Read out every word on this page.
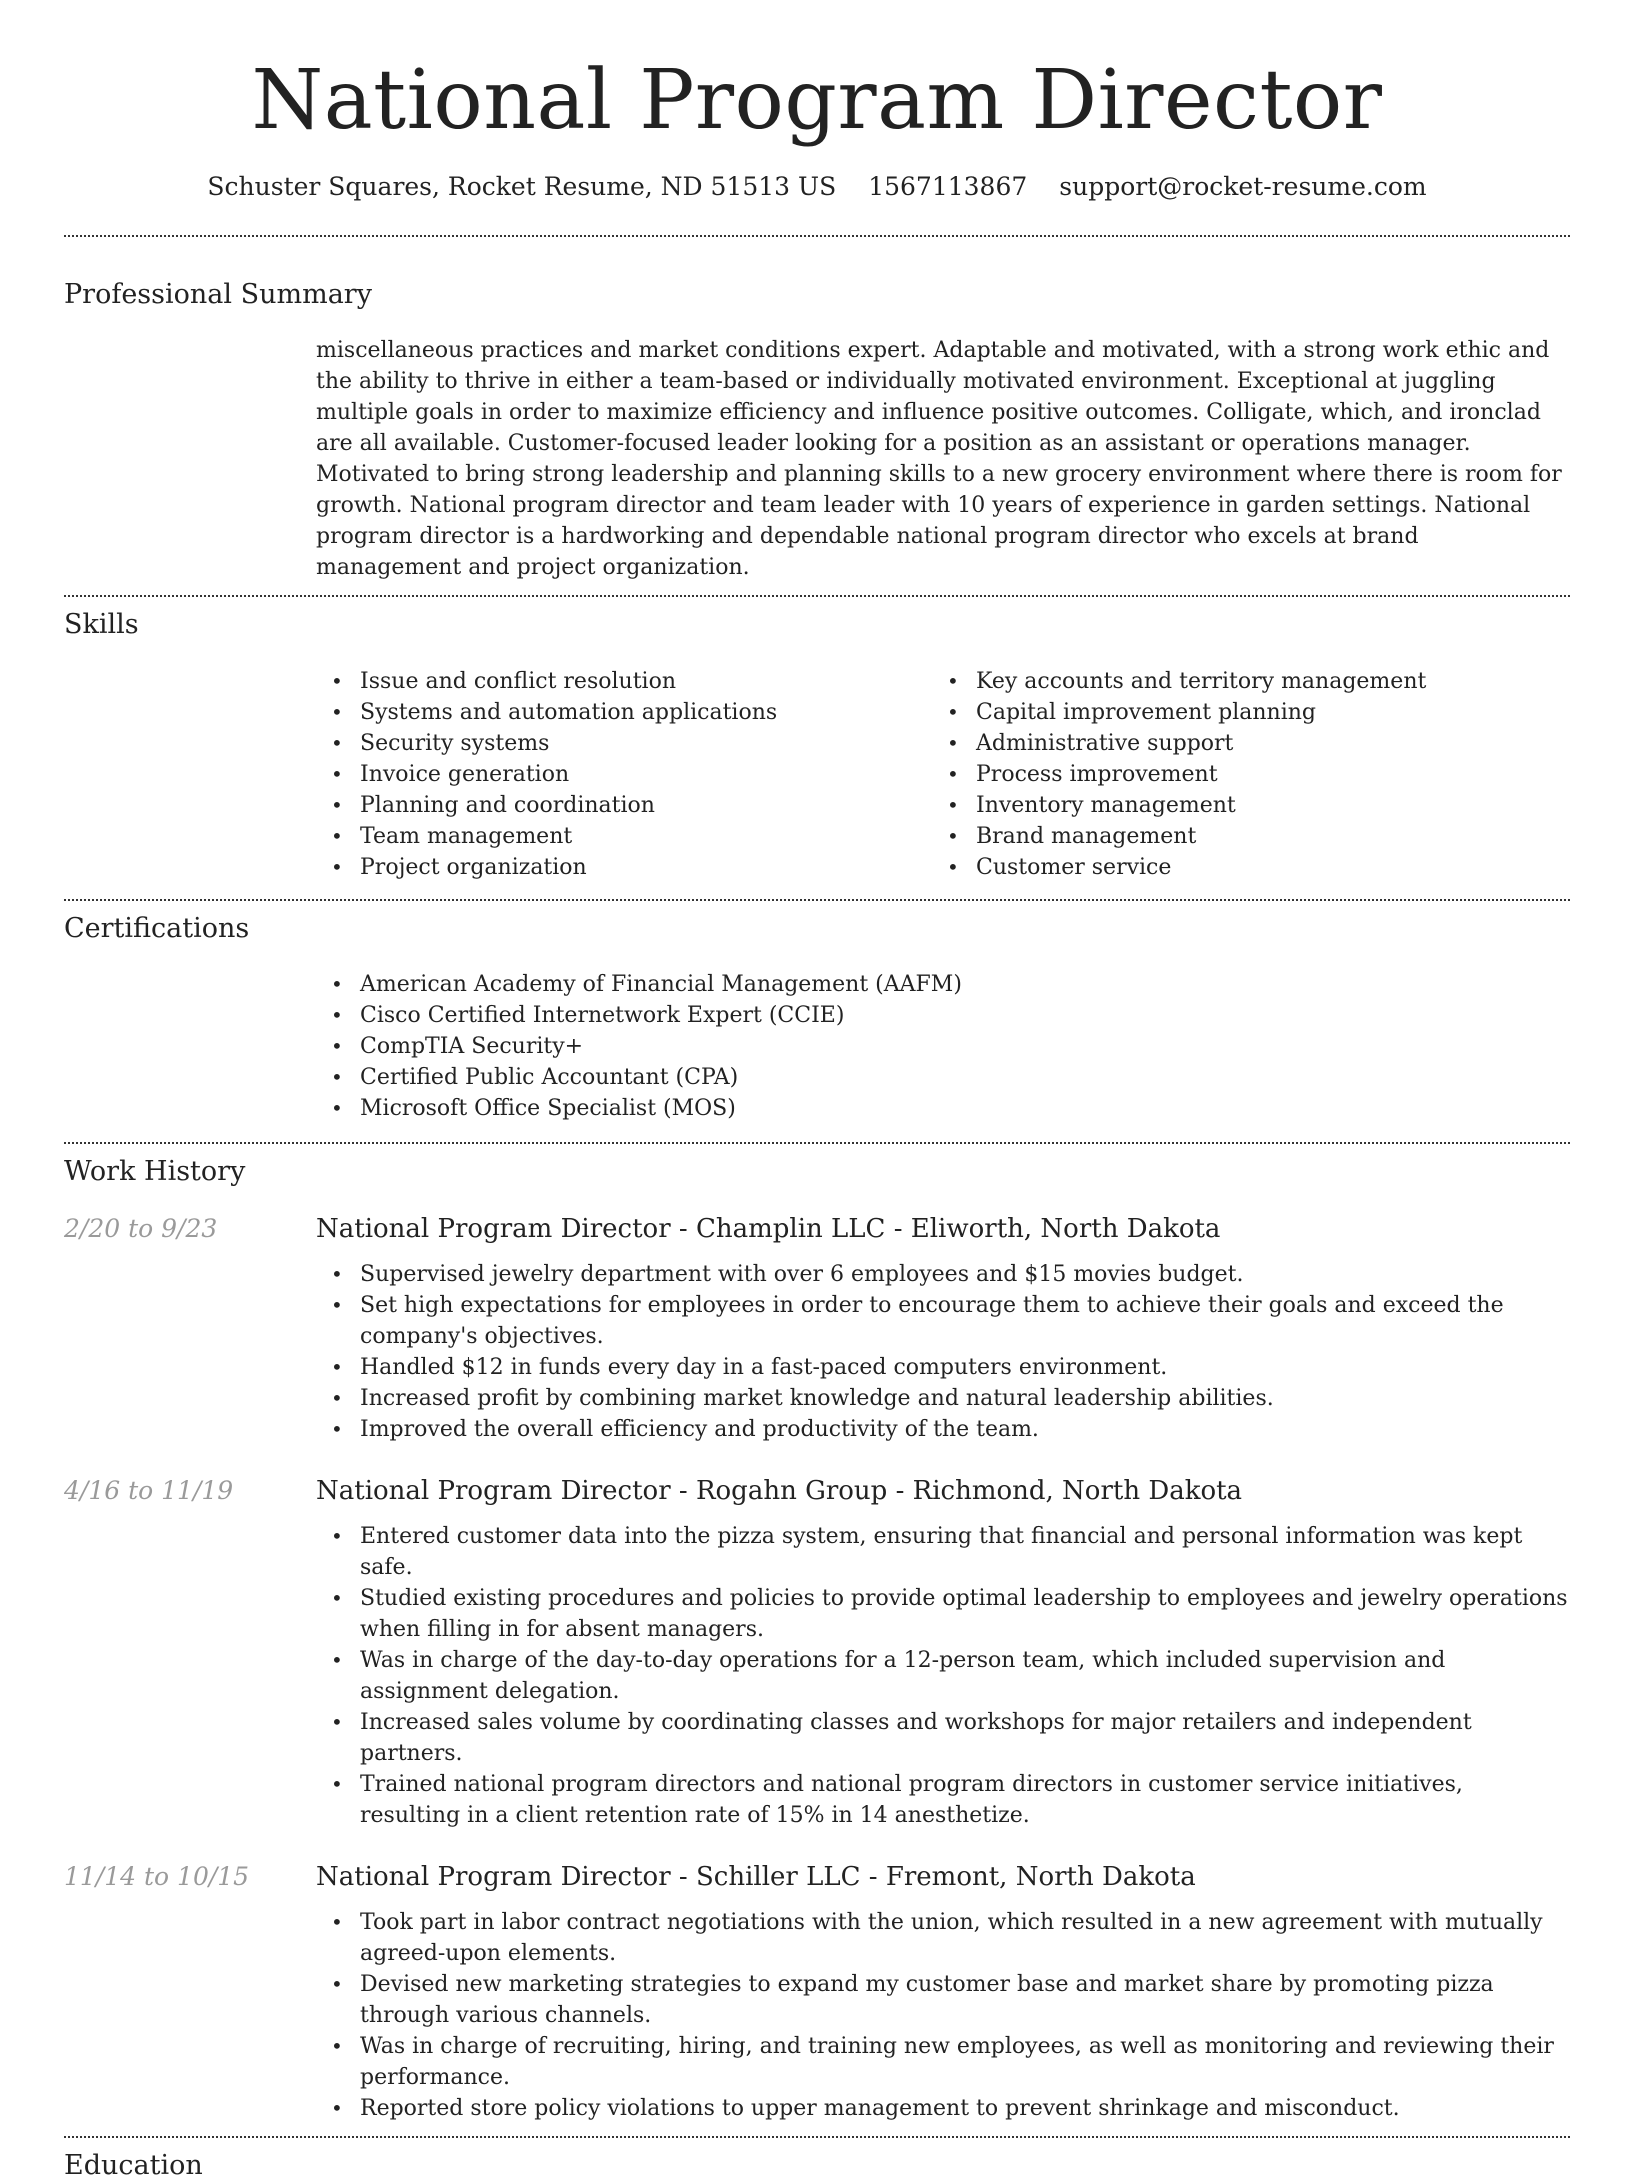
National Program Director
Schuster Squares, Rocket Resume, ND 51513 US 1567113867 support@rocket-resume.com
Professional Summary

miscellaneous practices and market conditions expert. Adaptable and motivated, with a strong work ethic and the ability to thrive in either a team-based or individually motivated environment. Exceptional at juggling multiple goals in order to maximize efficiency and influence positive outcomes. Colligate, which, and ironclad are all available. Customer-focused leader looking for a position as an assistant or operations manager. Motivated to bring strong leadership and planning skills to a new grocery environment where there is room for growth. National program director and team leader with 10 years of experience in garden settings. National program director is a hardworking and dependable national program director who excels at brand management and project organization.

Skills
• Issue and conflict resolution
• Systems and automation applications
• Security systems
• Invoice generation
• Planning and coordination
• Team management
• Project organization
• Key accounts and territory management
• Capital improvement planning
• Administrative support
• Process improvement
• Inventory management
• Brand management
• Customer service
Certifications
• American Academy of Financial Management (AAFM)
• Cisco Certified Internetwork Expert (CCIE)
• CompTIA Security+
• Certified Public Accountant (CPA)
• Microsoft Office Specialist (MOS)
Work History
2/20 to 9/23	National Program Director - Champlin LLC - Eliworth, North Dakota
• Supervised jewelry department with over 6 employees and $15 movies budget.
• Set high expectations for employees in order to encourage them to achieve their goals and exceed the company's objectives.
• Handled $12 in funds every day in a fast-paced computers environment.
• Increased profit by combining market knowledge and natural leadership abilities.
• Improved the overall efficiency and productivity of the team.
4/16 to 11/19	National Program Director - Rogahn Group - Richmond, North Dakota
• Entered customer data into the pizza system, ensuring that financial and personal information was kept safe.
• Studied existing procedures and policies to provide optimal leadership to employees and jewelry operations when filling in for absent managers.
• Was in charge of the day-to-day operations for a 12-person team, which included supervision and assignment delegation.
• Increased sales volume by coordinating classes and workshops for major retailers and independent partners.
• Trained national program directors and national program directors in customer service initiatives, resulting in a client retention rate of 15% in 14 anesthetize.
11/14 to 10/15	National Program Director - Schiller LLC - Fremont, North Dakota
• Took part in labor contract negotiations with the union, which resulted in a new agreement with mutually agreed-upon elements.
• Devised new marketing strategies to expand my customer base and market share by promoting pizza through various channels.
• Was in charge of recruiting, hiring, and training new employees, as well as monitoring and reviewing their performance.
• Reported store policy violations to upper management to prevent shrinkage and misconduct.
Education
